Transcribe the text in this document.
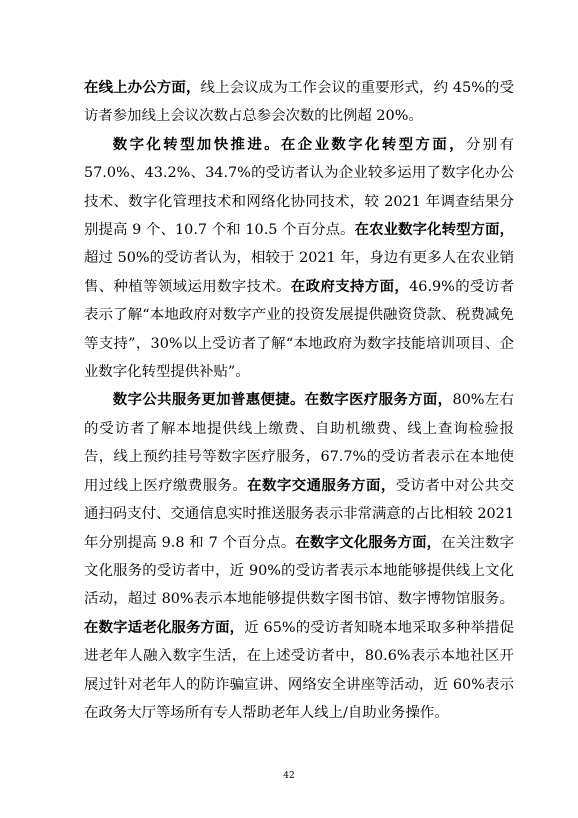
在线上办公方面，线上会议成为工作会议的重要形式，约 45%的受访者参加线上会议次数占总参会次数的比例超 20%。

数字化转型加快推进。在企业数字化转型方面，分别有 57.0%、43.2%、34.7%的受访者认为企业较多运用了数字化办公技术、数字化管理技术和网络化协同技术，较 2021 年调查结果分别提高 9 个、10.7 个和 10.5 个百分点。在农业数字化转型方面，超过 50%的受访者认为，相较于 2021 年，身边有更多人在农业销售、种植等领域运用数字技术。在政府支持方面，46.9%的受访者表示了解“本地政府对数字产业的投资发展提供融资贷款、税费减免等支持”，30%以上受访者了解“本地政府为数字技能培训项目、企业数字化转型提供补贴”。

数字公共服务更加普惠便捷。在数字医疗服务方面，80%左右的受访者了解本地提供线上缴费、自助机缴费、线上查询检验报告，线上预约挂号等数字医疗服务，67.7%的受访者表示在本地使用过线上医疗缴费服务。在数字交通服务方面，受访者中对公共交通扫码支付、交通信息实时推送服务表示非常满意的占比相较 2021 年分别提高 9.8 和 7 个百分点。在数字文化服务方面，在关注数字文化服务的受访者中，近 90%的受访者表示本地能够提供线上文化活动，超过 80%表示本地能够提供数字图书馆、数字博物馆服务。在数字适老化服务方面，近 65%的受访者知晓本地采取多种举措促进老年人融入数字生活，在上述受访者中，80.6%表示本地社区开展过针对老年人的防诈骗宣讲、网络安全讲座等活动，近 60%表示在政务大厅等场所有专人帮助老年人线上/自助业务操作。

42
